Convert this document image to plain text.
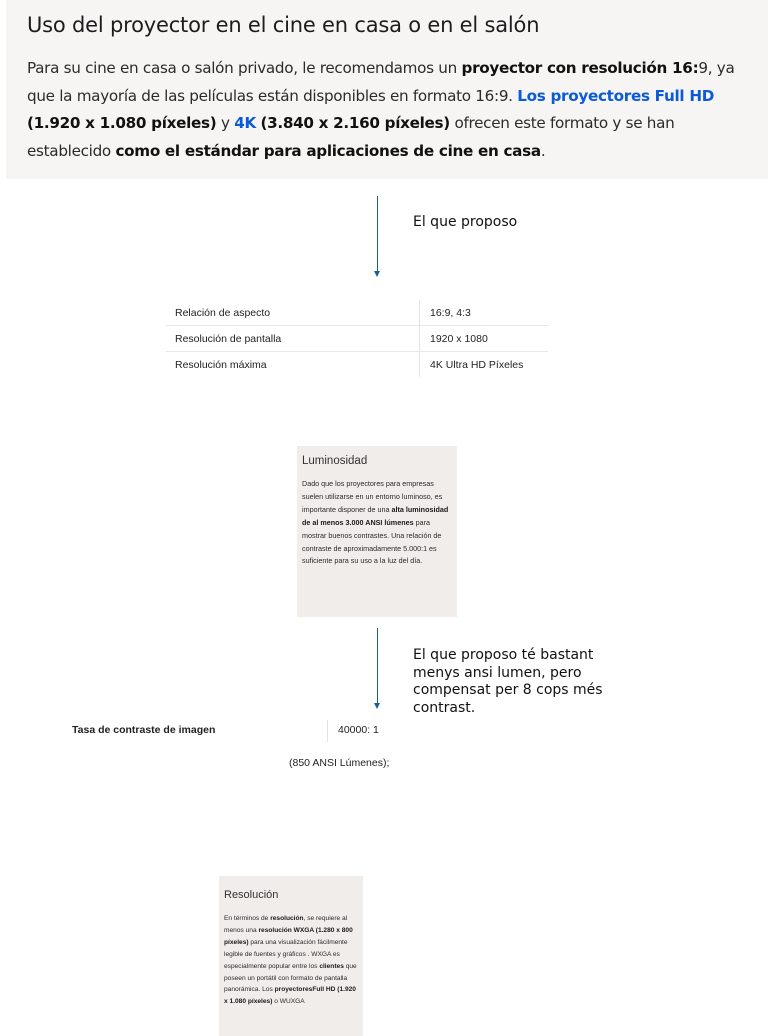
Uso del proyector en el cine en casa o en el salón

Para su cine en casa o salón privado, le recomendamos un proyector con resolución 16:9, ya que la mayoría de las películas están disponibles en formato 16:9. Los proyectores Full HD (1.920 x 1.080 píxeles) y 4K (3.840 x 2.160 píxeles) ofrecen este formato y se han establecido como el estándar para aplicaciones de cine en casa.

El que proposo
Relación de aspecto	16:9, 4:3
Resolución de pantalla	1920 x 1080
Resolución máxima	4K Ultra HD Píxeles
Luminosidad

Dado que los proyectores para empresas suelen utilizarse en un entorno luminoso, es importante disponer de una alta luminosidad de al menos 3.000 ANSI lúmenes para mostrar buenos contrastes. Una relación de contraste de aproximadamente 5.000:1 es suficiente para su uso a la luz del día.

El que proposo té bastant
menys ansi lumen, pero
compensat per 8 cops més
contrast.
Tasa de contraste de imagen	40000: 1
(850 ANSI Lúmenes);
Resolución

En términos de resolución, se requiere al menos una resolución WXGA (1.280 x 800 píxeles) para una visualización fácilmente legible de fuentes y gráficos . WXGA es especialmente popular entre los clientes que poseen un portátil con formato de pantalla panorámica. Los proyectoresFull HD (1.920 x 1.080 píxeles) o WUXGA
